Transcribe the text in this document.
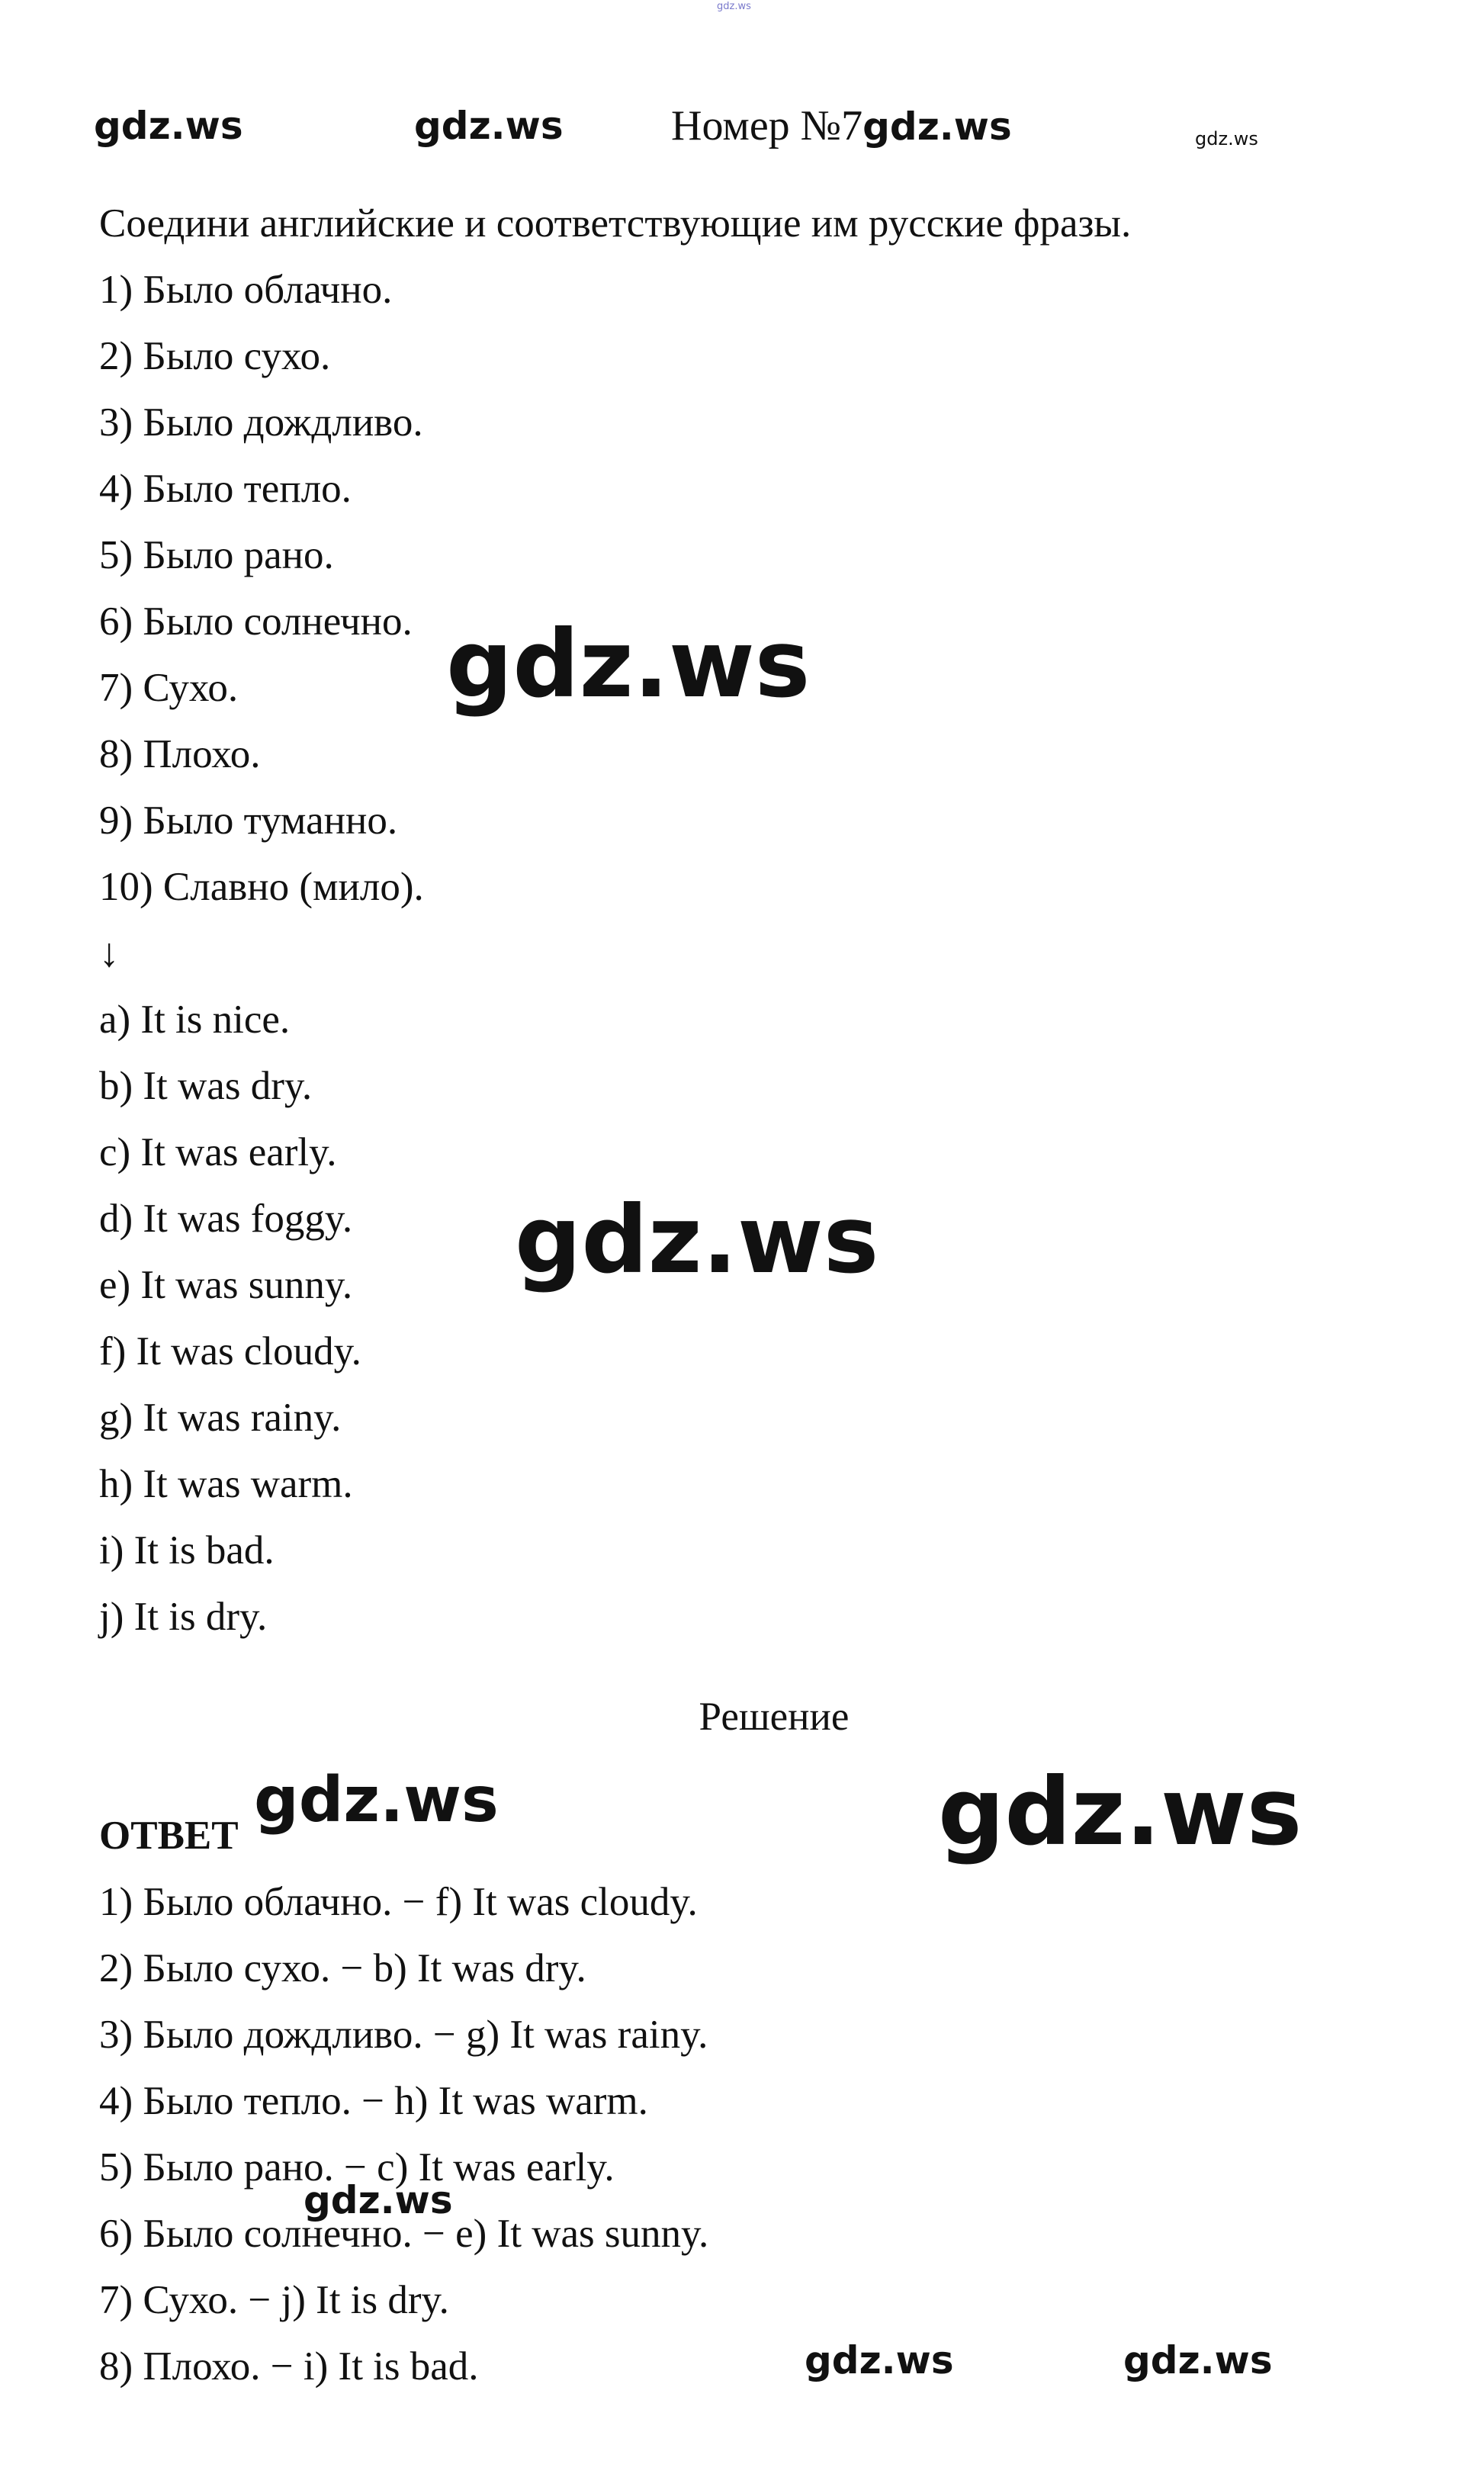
gdz.ws
gdz.ws	gdz.ws	gdz.ws
gdz.ws
gdz.ws
gdz.ws	gdz.ws
gdz.ws
gdz.ws	gdz.ws
Номер №7gdz.ws
Соедини английские и соответствующие им русские фразы.
1) Было облачно.
2) Было сухо.
3) Было дождливо.
4) Было тепло.
5) Было рано.
6) Было солнечно.
7) Сухо.
8) Плохо.
9) Было туманно.
10) Славно (мило).
↓
a) It is nice.
b) It was dry.
c) It was early.
d) It was foggy.
e) It was sunny.
f) It was cloudy.
g) It was rainy.
h) It was warm.
i) It is bad.
j) It is dry.
Решение
ОТВЕТ
1) Было облачно. − f) It was cloudy.
2) Было сухо. − b) It was dry.
3) Было дождливо. − g) It was rainy.
4) Было тепло. − h) It was warm.
5) Было рано. − c) It was early.
6) Было солнечно. − e) It was sunny.
7) Сухо. − j) It is dry.
8) Плохо. − i) It is bad.
